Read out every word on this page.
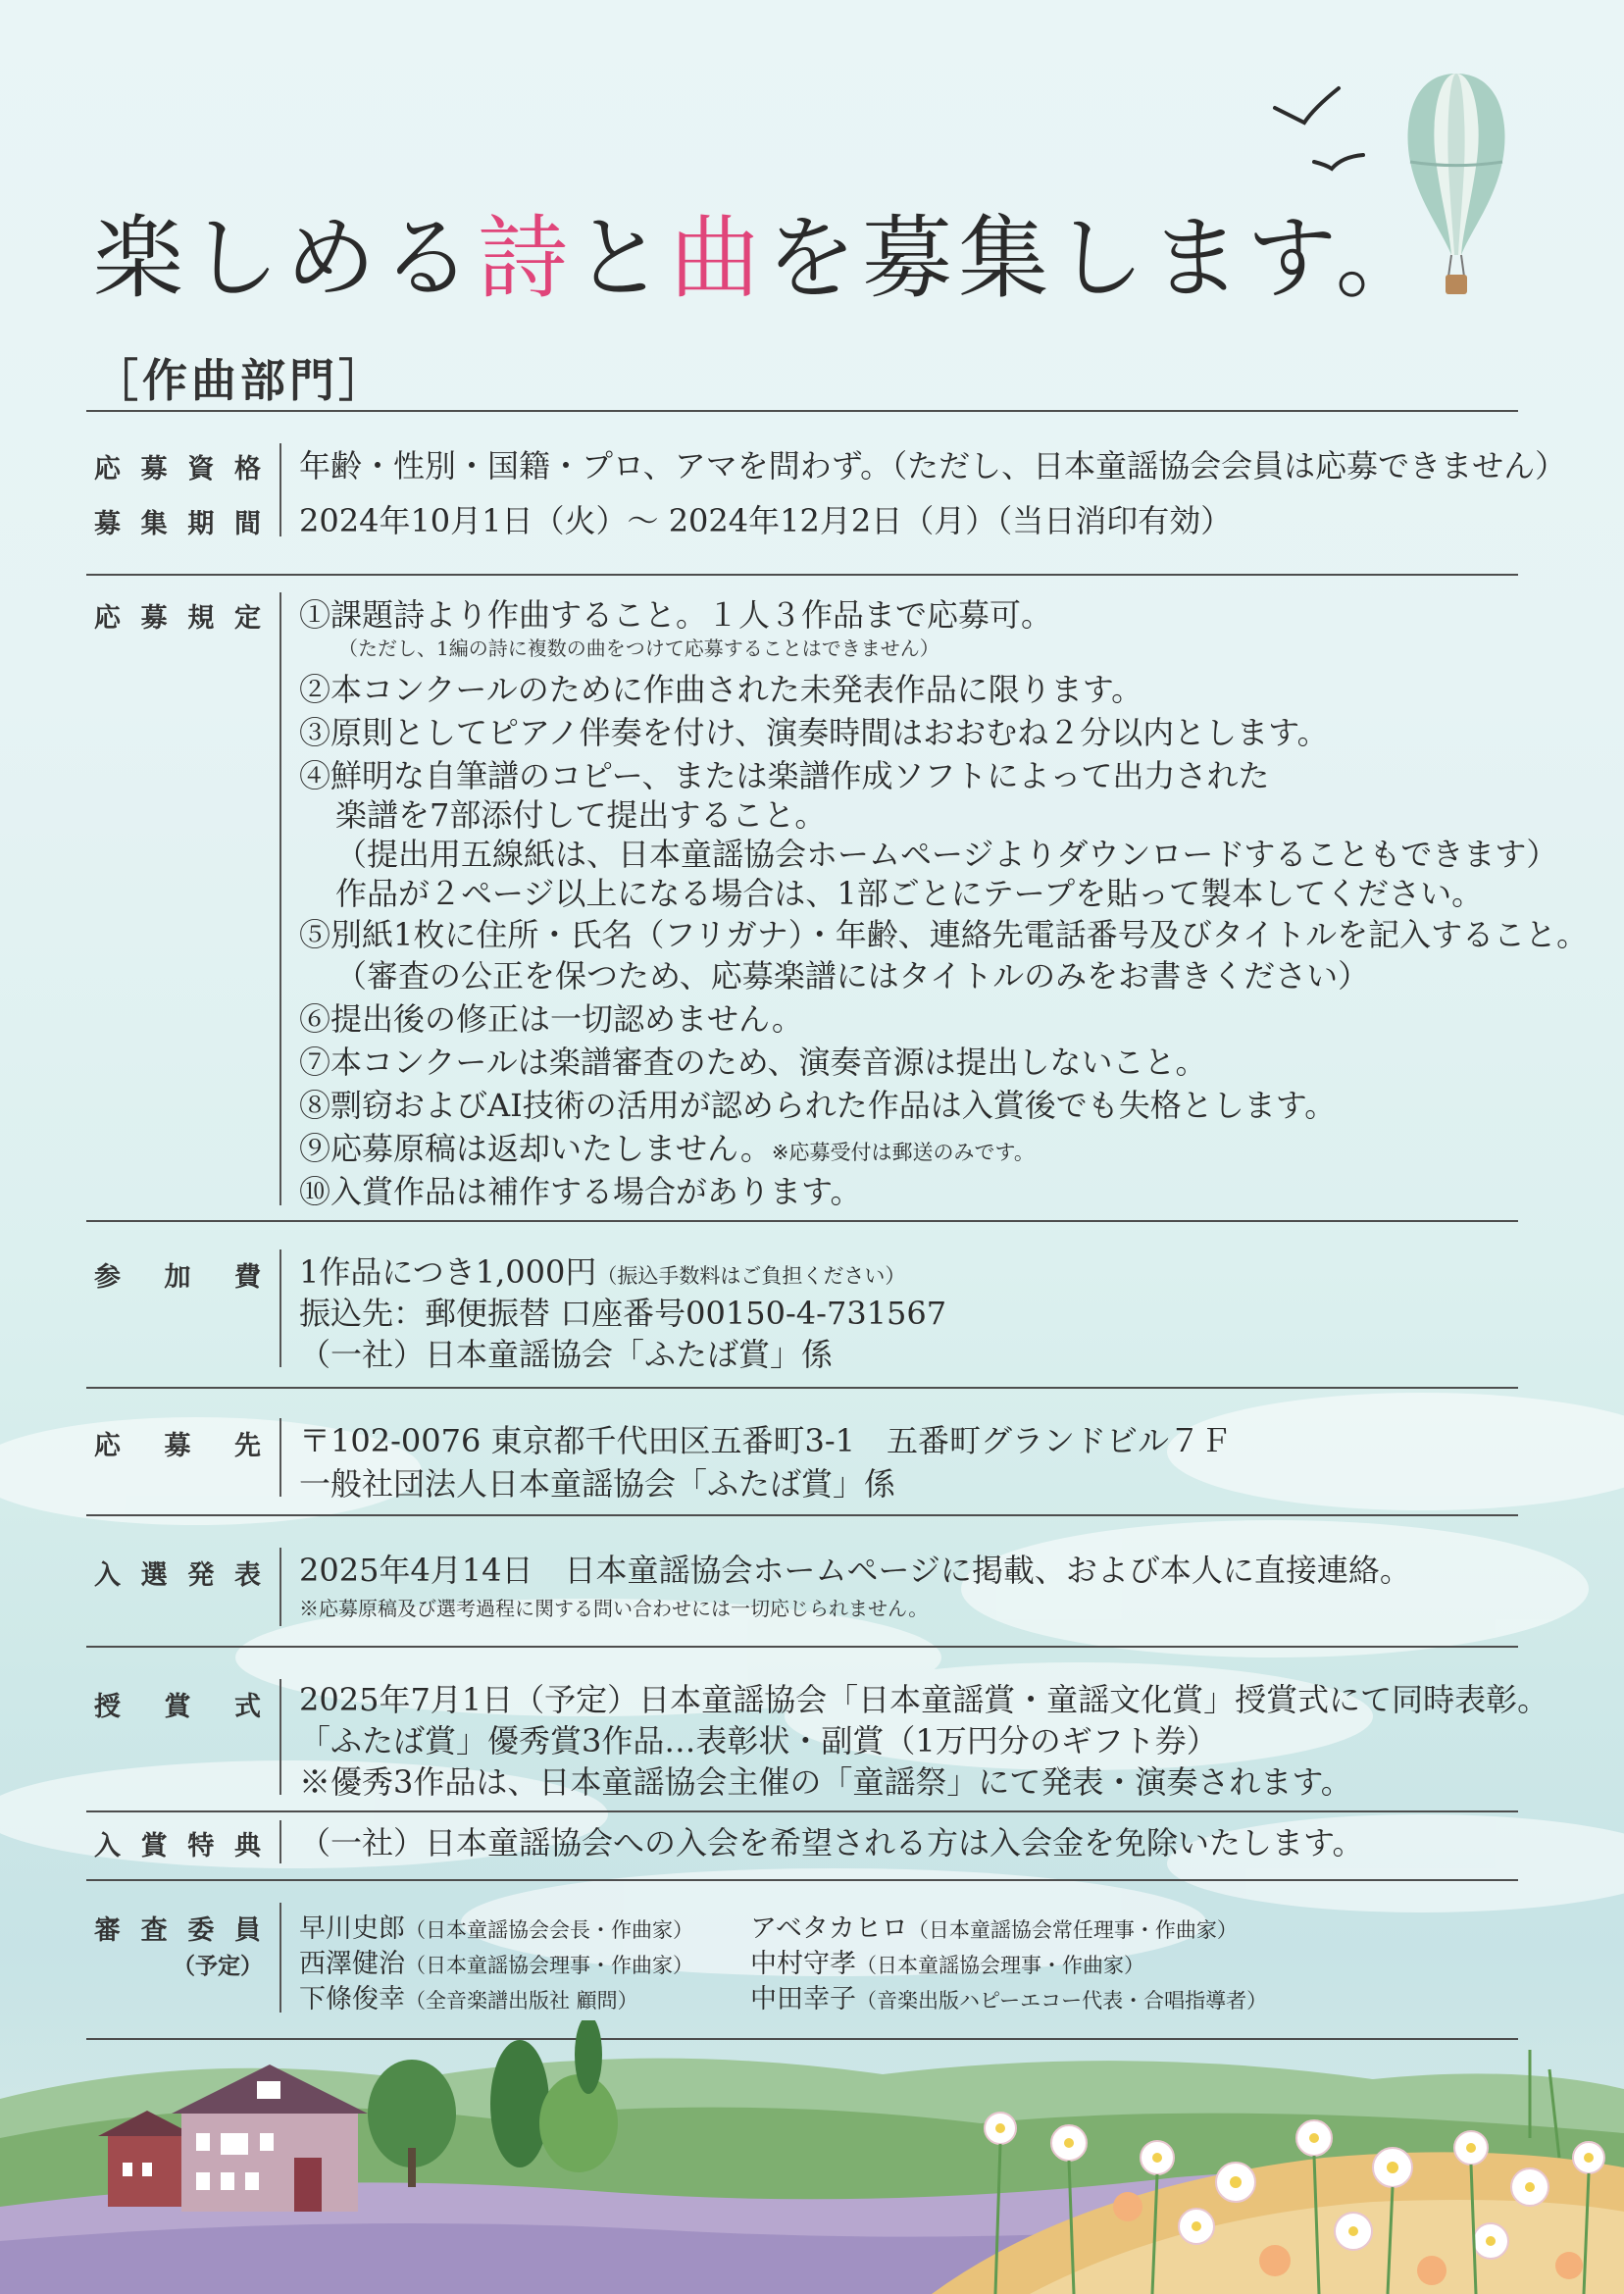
楽しめる詩と曲を募集します。
［作曲部門］
応募資格
募集期間
年齢・性別・国籍・プロ、アマを問わず。（ただし、日本童謡協会会員は応募できません）
2024年10月1日（火）～ 2024年12月2日（月）（当日消印有効）
応募規定 ①課題詩より作曲すること。１人３作品まで応募可。
（ただし、1編の詩に複数の曲をつけて応募することはできません）
②本コンクールのために作曲された未発表作品に限ります。
③原則としてピアノ伴奏を付け、演奏時間はおおむね２分以内とします。
④鮮明な自筆譜のコピー、または楽譜作成ソフトによって出力された
楽譜を7部添付して提出すること。
（提出用五線紙は、日本童謡協会ホームページよりダウンロードすることもできます）
作品が２ページ以上になる場合は、1部ごとにテープを貼って製本してください。
⑤別紙1枚に住所・氏名（フリガナ）・年齢、連絡先電話番号及びタイトルを記入すること。
（審査の公正を保つため、応募楽譜にはタイトルのみをお書きください）
⑥提出後の修正は一切認めません。
⑦本コンクールは楽譜審査のため、演奏音源は提出しないこと。
⑧剽窃およびAI技術の活用が認められた作品は入賞後でも失格とします。
⑨応募原稿は返却いたしません。※応募受付は郵送のみです。
⑩入賞作品は補作する場合があります。
参加費 1作品につき1,000円（振込手数料はご負担ください）
振込先：郵便振替 口座番号00150-4-731567
（一社）日本童謡協会「ふたば賞」係
応募先 〒102-0076 東京都千代田区五番町3-1　五番町グランドビル７Ｆ
一般社団法人日本童謡協会「ふたば賞」係
入選発表 2025年4月14日　日本童謡協会ホームページに掲載、および本人に直接連絡。
※応募原稿及び選考過程に関する問い合わせには一切応じられません。
授賞式 2025年7月1日（予定）日本童謡協会「日本童謡賞・童謡文化賞」授賞式にて同時表彰。
「ふたば賞」優秀賞3作品…表彰状・副賞（1万円分のギフト券）
※優秀3作品は、日本童謡協会主催の「童謡祭」にて発表・演奏されます。
入賞特典 （一社）日本童謡協会への入会を希望される方は入会金を免除いたします。
審査委員
（予定）
早川史郎（日本童謡協会会長・作曲家） アベタカヒロ（日本童謡協会常任理事・作曲家）
西澤健治（日本童謡協会理事・作曲家） 中村守孝（日本童謡協会理事・作曲家）
下條俊幸（全音楽譜出版社 顧問）	中田幸子（音楽出版ハピーエコー代表・合唱指導者）
